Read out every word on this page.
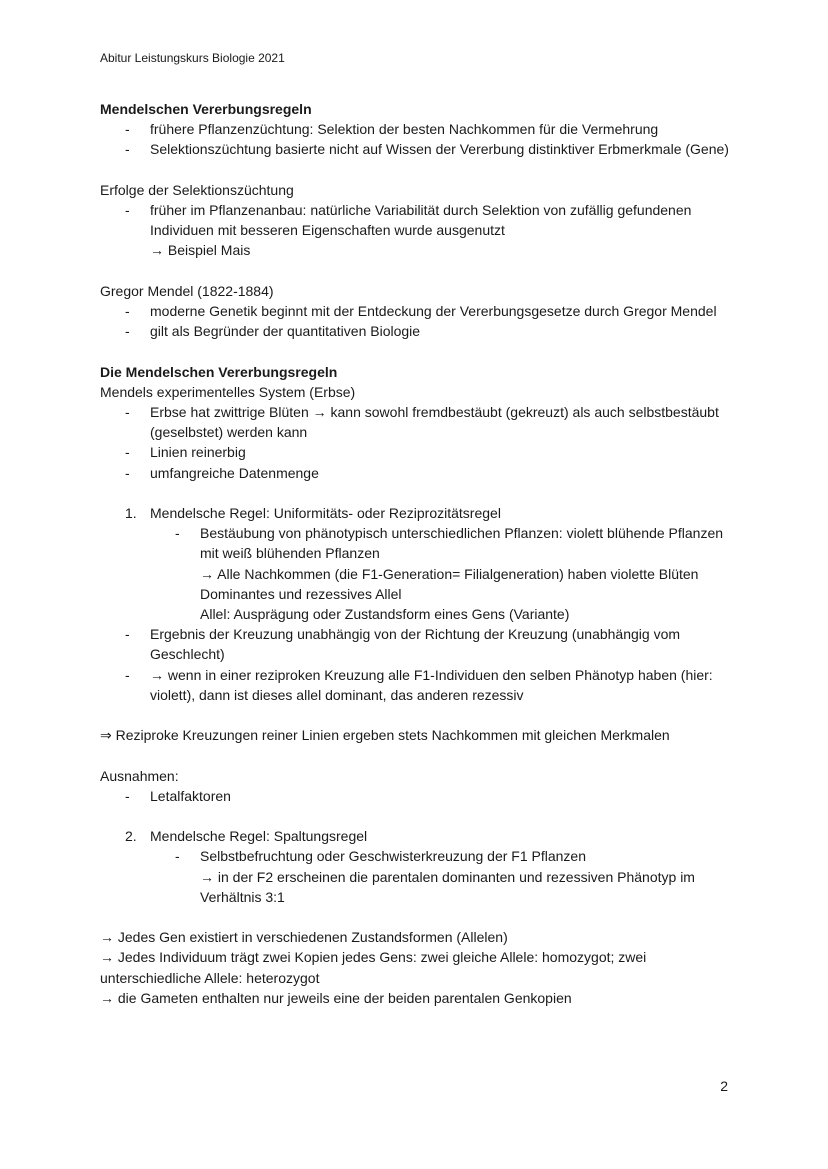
Abitur Leistungskurs Biologie 2021

Mendelschen Vererbungsregeln

- frühere Pflanzenzüchtung: Selektion der besten Nachkommen für die Vermehrung
- Selektionszüchtung basierte nicht auf Wissen der Vererbung distinktiver Erbmerkmale (Gene)

Erfolge der Selektionszüchtung

- früher im Pflanzenanbau: natürliche Variabilität durch Selektion von zufällig gefundenen Individuen mit besseren Eigenschaften wurde ausgenutzt
→ Beispiel Mais

Gregor Mendel (1822-1884)

- moderne Genetik beginnt mit der Entdeckung der Vererbungsgesetze durch Gregor Mendel
- gilt als Begründer der quantitativen Biologie

Die Mendelschen Vererbungsregeln

Mendels experimentelles System (Erbse)

- Erbse hat zwittrige Blüten → kann sowohl fremdbestäubt (gekreuzt) als auch selbstbestäubt (geselbstet) werden kann
- Linien reinerbig
- umfangreiche Datenmenge

1. Mendelsche Regel: Uniformitäts- oder Reziprozitätsregel

- Bestäubung von phänotypisch unterschiedlichen Pflanzen: violett blühende Pflanzen mit weiß blühenden Pflanzen
→ Alle Nachkommen (die F1-Generation= Filialgeneration) haben violette Blüten
Dominantes und rezessives Allel
Allel: Ausprägung oder Zustandsform eines Gens (Variante)
- Ergebnis der Kreuzung unabhängig von der Richtung der Kreuzung (unabhängig vom Geschlecht)
- → wenn in einer reziproken Kreuzung alle F1-Individuen den selben Phänotyp haben (hier: violett), dann ist dieses allel dominant, das anderen rezessiv

⇒ Reziproke Kreuzungen reiner Linien ergeben stets Nachkommen mit gleichen Merkmalen

Ausnahmen:

- Letalfaktoren

2. Mendelsche Regel: Spaltungsregel

- Selbstbefruchtung oder Geschwisterkreuzung der F1 Pflanzen
→ in der F2 erscheinen die parentalen dominanten und rezessiven Phänotyp im Verhältnis 3:1

→ Jedes Gen existiert in verschiedenen Zustandsformen (Allelen)

→ Jedes Individuum trägt zwei Kopien jedes Gens: zwei gleiche Allele: homozygot; zwei unterschiedliche Allele: heterozygot

→ die Gameten enthalten nur jeweils eine der beiden parentalen Genkopien

2
